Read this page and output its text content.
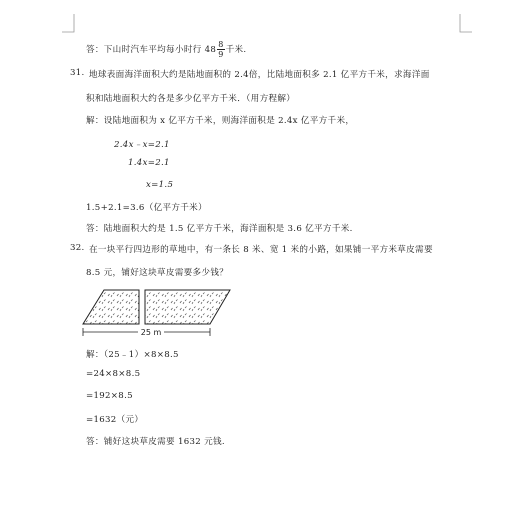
答：下山时汽车平均每小时行 $48 \frac{8}{9}$ 千米.
31. 地球表面海洋面积大约是陆地面积的 2.4倍，比陆地面积多 2.1 亿平方千米，求海洋面
积和陆地面积大约各是多少亿平方千米．（用方程解）
解：设陆地面积为 x 亿平方千米，则海洋面积是 2.4x 亿平方千米，
2.4x﹣x=2.1
1.4x=2.1
x=1.5
1.5+2.1=3.6（亿平方千米）
答：陆地面积大约是 1.5 亿平方千米，海洋面积是 3.6 亿平方千米.
32. 在一块平行四边形的草地中，有一条长 8 米、宽 1 米的小路，如果铺一平方米草皮需要
8.5 元，铺好这块草皮需要多少钱？
25 m
解：（25﹣1）×8×8.5
=24×8×8.5
=192×8.5
=1632（元）
答：铺好这块草皮需要 1632 元钱.
